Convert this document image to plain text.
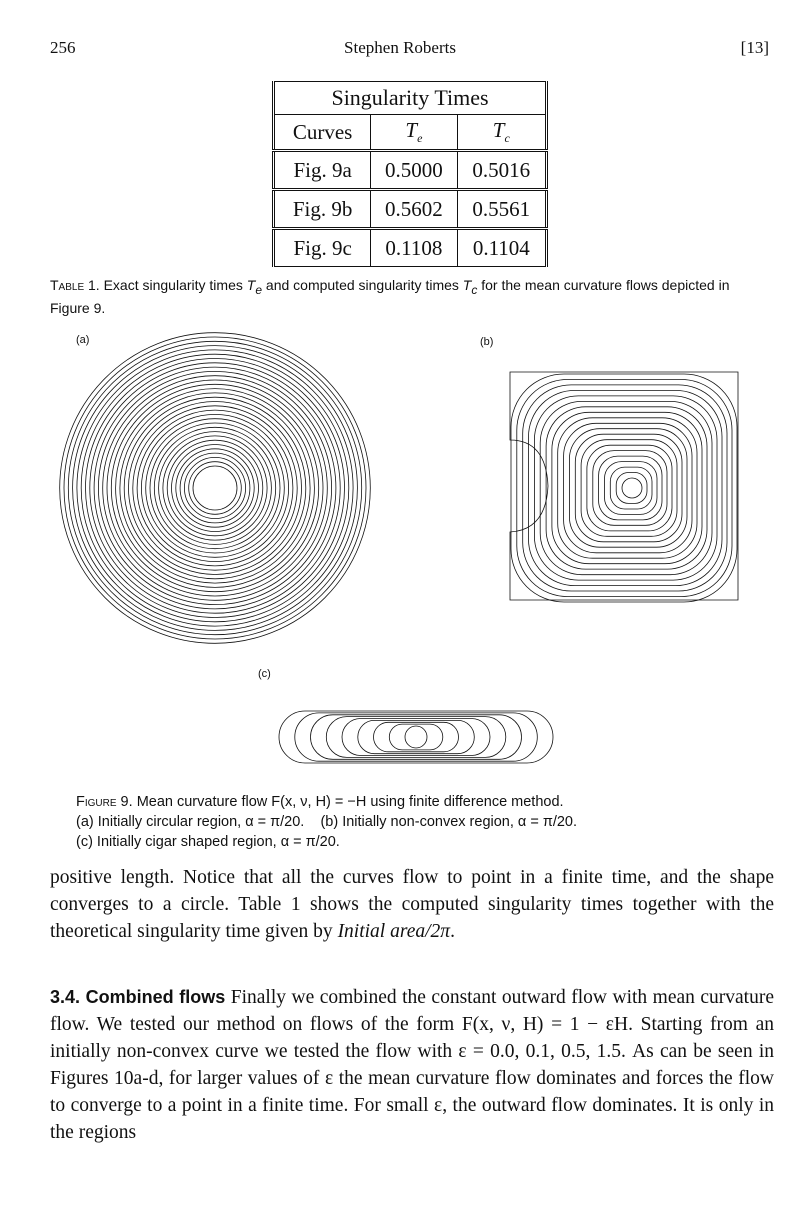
256	Stephen Roberts	[13]
Singularity Times		
Curves	$T_e$	$T_c$
Fig. 9a	0.5000	0.5016
Fig. 9b	0.5602	0.5561
Fig. 9c	0.1108	0.1104
Table 1. Exact singularity times $T_e$ and computed singularity times $T_c$ for the mean curvature flows depicted in Figure 9.
(a)	(b)
(c)
Figure 9. Mean curvature flow F(x, ν, H) = −H using finite difference method.
(a) Initially circular region, α = π/20. (b) Initially non-convex region, α = π/20.
(c) Initially cigar shaped region, α = π/20.
positive length. Notice that all the curves flow to point in a finite time, and the shape converges to a circle. Table 1 shows the computed singularity times together with the theoretical singularity time given by Initial area/2π.
3.4. Combined flows Finally we combined the constant outward flow with mean curvature flow. We tested our method on flows of the form F(x, ν, H) = 1 − εH. Starting from an initially non-convex curve we tested the flow with ε = 0.0, 0.1, 0.5, 1.5. As can be seen in Figures 10a-d, for larger values of ε the mean curvature flow dominates and forces the flow to converge to a point in a finite time. For small ε, the outward flow dominates. It is only in the regions
